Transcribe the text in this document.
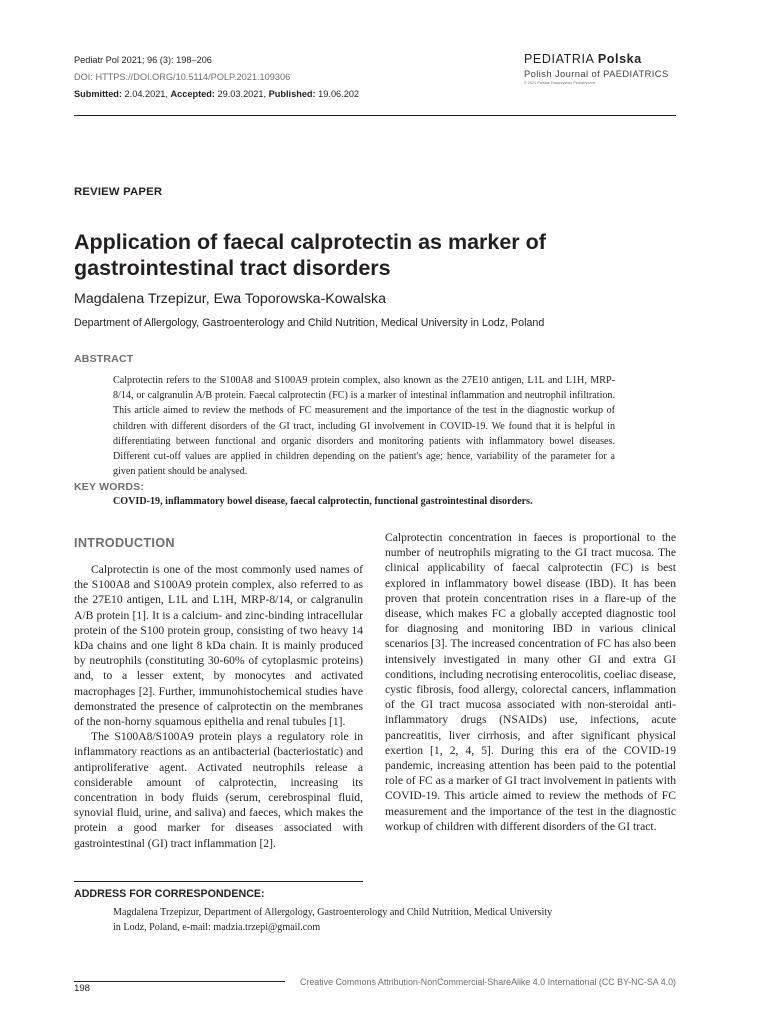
Pediatr Pol 2021; 96 (3): 198–206
DOI: HTTPS://DOI.ORG/10.5114/POLP.2021.109306
Submitted: 2.04.2021, Accepted: 29.03.2021, Published: 19.06.202
PEDIATRIA Polska
Polish Journal of PAEDIATRICS
© 2021 Polskie Towarzystwo Pediatryczne
REVIEW PAPER
Application of faecal calprotectin as marker of gastrointestinal tract disorders
Magdalena Trzepizur, Ewa Toporowska-Kowalska
Department of Allergology, Gastroenterology and Child Nutrition, Medical University in Lodz, Poland
ABSTRACT
Calprotectin refers to the S100A8 and S100A9 protein complex, also known as the 27E10 antigen, L1L and L1H, MRP-8/14, or calgranulin A/B protein. Faecal calprotectin (FC) is a marker of intestinal inflammation and neutrophil infiltration. This article aimed to review the methods of FC measurement and the importance of the test in the diagnostic workup of children with different disorders of the GI tract, including GI involvement in COVID-19. We found that it is helpful in differentiating between functional and organic disorders and monitoring patients with inflammatory bowel diseases. Different cut-off values are applied in children depending on the patient's age; hence, variability of the parameter for a given patient should be analysed.
KEY WORDS:
COVID-19, inflammatory bowel disease, faecal calprotectin, functional gastrointestinal disorders.
INTRODUCTION

Calprotectin is one of the most commonly used names of the S100A8 and S100A9 protein complex, also referred to as the 27E10 antigen, L1L and L1H, MRP-8/14, or calgranulin A/B protein [1]. It is a calcium- and zinc-binding intracellular protein of the S100 protein group, consisting of two heavy 14 kDa chains and one light 8 kDa chain. It is mainly produced by neutrophils (constituting 30-60% of cytoplasmic proteins) and, to a lesser extent, by monocytes and activated macrophages [2]. Further, immunohistochemical studies have demonstrated the presence of calprotectin on the membranes of the non-horny squamous epithelia and renal tubules [1].

The S100A8/S100A9 protein plays a regulatory role in inflammatory reactions as an antibacterial (bacteriostatic) and antiproliferative agent. Activated neutrophils release a considerable amount of calprotectin, increasing its concentration in body fluids (serum, cerebrospinal fluid, synovial fluid, urine, and saliva) and faeces, which makes the protein a good marker for diseases associated with gastrointestinal (GI) tract inflammation [2].

Calprotectin concentration in faeces is proportional to the number of neutrophils migrating to the GI tract mucosa. The clinical applicability of faecal calprotectin (FC) is best explored in inflammatory bowel disease (IBD). It has been proven that protein concentration rises in a flare-up of the disease, which makes FC a globally accepted diagnostic tool for diagnosing and monitoring IBD in various clinical scenarios [3]. The increased concentration of FC has also been intensively investigated in many other GI and extra GI conditions, including necrotising enterocolitis, coeliac disease, cystic fibrosis, food allergy, colorectal cancers, inflammation of the GI tract mucosa associated with non-steroidal anti-inflammatory drugs (NSAIDs) use, infections, acute pancreatitis, liver cirrhosis, and after significant physical exertion [1, 2, 4, 5]. During this era of the COVID-19 pandemic, increasing attention has been paid to the potential role of FC as a marker of GI tract involvement in patients with COVID-19. This article aimed to review the methods of FC measurement and the importance of the test in the diagnostic workup of children with different disorders of the GI tract.

ADDRESS FOR CORRESPONDENCE:
Magdalena Trzepizur, Department of Allergology, Gastroenterology and Child Nutrition, Medical University
in Lodz, Poland, e-mail: madzia.trzepi@gmail.com
198
Creative Commons Attribution-NonCommercial-ShareAlike 4.0 International (CC BY-NC-SA 4.0)
